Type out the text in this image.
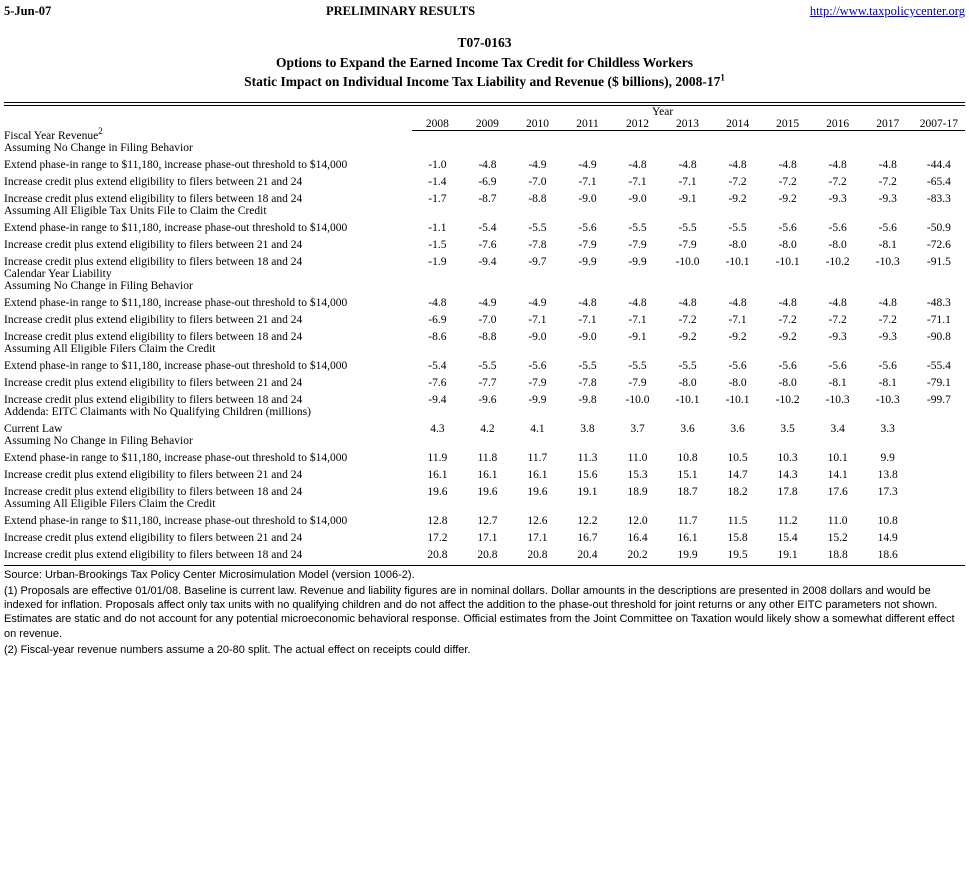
5-Jun-07	PRELIMINARY RESULTS	http://www.taxpolicycenter.org
T07-0163
Options to Expand the Earned Income Tax Credit for Childless Workers
Static Impact on Individual Income Tax Liability and Revenue ($ billions), $2008-17^1$
	Year										
	2008	2009	2010	2011	2012	2013	2014	2015	2016	2017	2007-17
Fiscal Year Revenue$^2$											
Assuming No Change in Filing Behavior											
Extend phase-in range to $11,180, increase phase-out threshold to $14,000	-1.0	-4.8	-4.9	-4.9	-4.8	-4.8	-4.8	-4.8	-4.8	-4.8	-44.4
Increase credit plus extend eligibility to filers between 21 and 24	-1.4	-6.9	-7.0	-7.1	-7.1	-7.1	-7.2	-7.2	-7.2	-7.2	-65.4
Increase credit plus extend eligibility to filers between 18 and 24	-1.7	-8.7	-8.8	-9.0	-9.0	-9.1	-9.2	-9.2	-9.3	-9.3	-83.3
Assuming All Eligible Tax Units File to Claim the Credit											
Extend phase-in range to $11,180, increase phase-out threshold to $14,000	-1.1	-5.4	-5.5	-5.6	-5.5	-5.5	-5.5	-5.6	-5.6	-5.6	-50.9
Increase credit plus extend eligibility to filers between 21 and 24	-1.5	-7.6	-7.8	-7.9	-7.9	-7.9	-8.0	-8.0	-8.0	-8.1	-72.6
Increase credit plus extend eligibility to filers between 18 and 24	-1.9	-9.4	-9.7	-9.9	-9.9	-10.0	-10.1	-10.1	-10.2	-10.3	-91.5
Calendar Year Liability											
Assuming No Change in Filing Behavior											
Extend phase-in range to $11,180, increase phase-out threshold to $14,000	-4.8	-4.9	-4.9	-4.8	-4.8	-4.8	-4.8	-4.8	-4.8	-4.8	-48.3
Increase credit plus extend eligibility to filers between 21 and 24	-6.9	-7.0	-7.1	-7.1	-7.1	-7.2	-7.1	-7.2	-7.2	-7.2	-71.1
Increase credit plus extend eligibility to filers between 18 and 24	-8.6	-8.8	-9.0	-9.0	-9.1	-9.2	-9.2	-9.2	-9.3	-9.3	-90.8
Assuming All Eligible Filers Claim the Credit											
Extend phase-in range to $11,180, increase phase-out threshold to $14,000	-5.4	-5.5	-5.6	-5.5	-5.5	-5.5	-5.6	-5.6	-5.6	-5.6	-55.4
Increase credit plus extend eligibility to filers between 21 and 24	-7.6	-7.7	-7.9	-7.8	-7.9	-8.0	-8.0	-8.0	-8.1	-8.1	-79.1
Increase credit plus extend eligibility to filers between 18 and 24	-9.4	-9.6	-9.9	-9.8	-10.0	-10.1	-10.1	-10.2	-10.3	-10.3	-99.7
Addenda: EITC Claimants with No Qualifying Children (millions)											
Current Law	4.3	4.2	4.1	3.8	3.7	3.6	3.6	3.5	3.4	3.3	
Assuming No Change in Filing Behavior											
Extend phase-in range to $11,180, increase phase-out threshold to $14,000	11.9	11.8	11.7	11.3	11.0	10.8	10.5	10.3	10.1	9.9	
Increase credit plus extend eligibility to filers between 21 and 24	16.1	16.1	16.1	15.6	15.3	15.1	14.7	14.3	14.1	13.8	
Increase credit plus extend eligibility to filers between 18 and 24	19.6	19.6	19.6	19.1	18.9	18.7	18.2	17.8	17.6	17.3	
Assuming All Eligible Filers Claim the Credit											
Extend phase-in range to $11,180, increase phase-out threshold to $14,000	12.8	12.7	12.6	12.2	12.0	11.7	11.5	11.2	11.0	10.8	
Increase credit plus extend eligibility to filers between 21 and 24	17.2	17.1	17.1	16.7	16.4	16.1	15.8	15.4	15.2	14.9	
Increase credit plus extend eligibility to filers between 18 and 24	20.8	20.8	20.8	20.4	20.2	19.9	19.5	19.1	18.8	18.6	
Source: Urban-Brookings Tax Policy Center Microsimulation Model (version 1006-2).
(1) Proposals are effective 01/01/08. Baseline is current law. Revenue and liability figures are in nominal dollars. Dollar amounts in the descriptions are presented in 2008 dollars and would be indexed for inflation. Proposals affect only tax units with no qualifying children and do not affect the addition to the phase-out threshold for joint returns or any other EITC parameters not shown. Estimates are static and do not account for any potential microeconomic behavioral response. Official estimates from the Joint Committee on Taxation would likely show a somewhat different effect on revenue.
(2) Fiscal-year revenue numbers assume a 20-80 split. The actual effect on receipts could differ.
